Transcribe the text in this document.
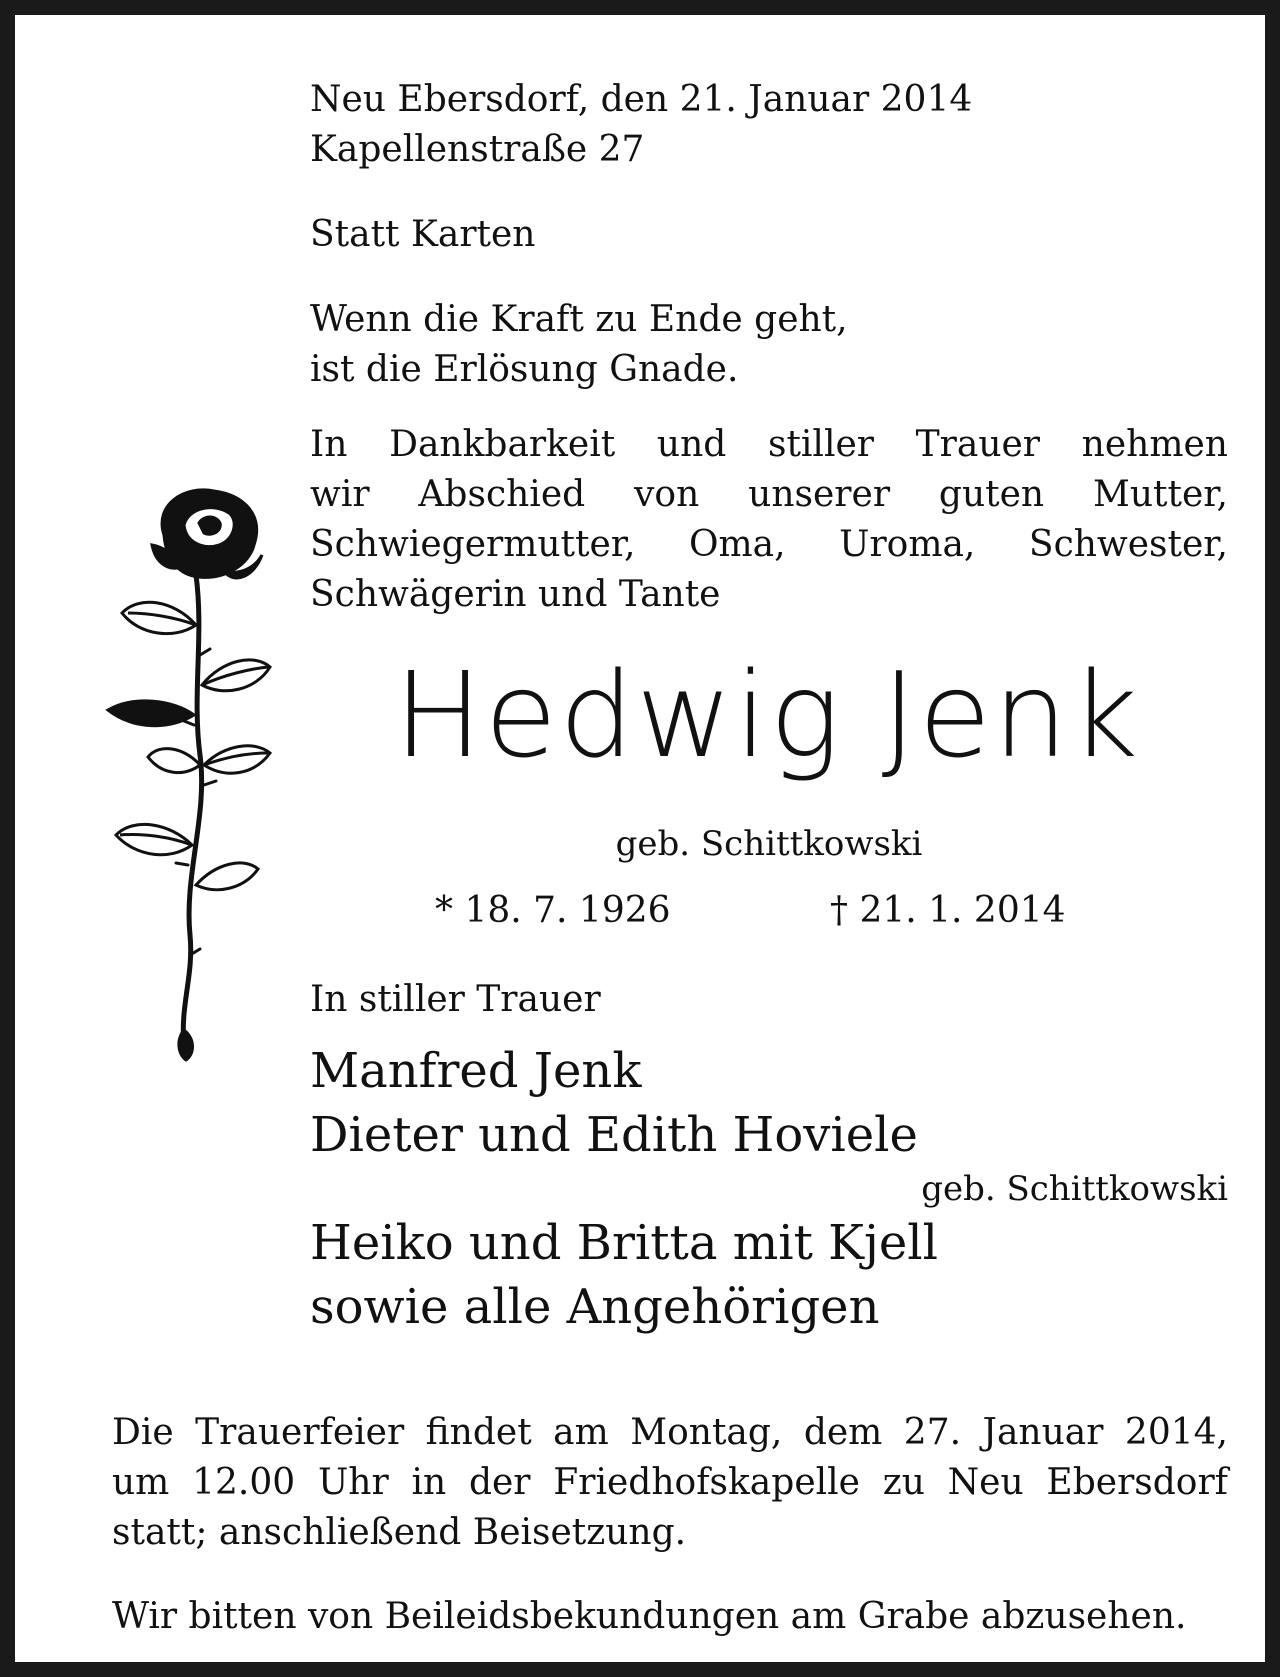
Neu Ebersdorf, den 21. Januar 2014

Kapellenstraße 27

Statt Karten

Wenn die Kraft zu Ende geht,

ist die Erlösung Gnade.

In Dankbarkeit und stiller Trauer nehmen

wir Abschied von unserer guten Mutter,

Schwiegermutter, Oma, Uroma, Schwester,

Schwägerin und Tante

Hedwig Jenk

geb. Schittkowski

* 18. 7. 1926	† 21. 1. 2014

In stiller Trauer

Manfred Jenk

Dieter und Edith Hoviele

geb. Schittkowski

Heiko und Britta mit Kjell

sowie alle Angehörigen

Die Trauerfeier findet am Montag, dem 27. Januar 2014,

um 12.00 Uhr in der Friedhofskapelle zu Neu Ebersdorf

statt; anschließend Beisetzung.

Wir bitten von Beileidsbekundungen am Grabe abzusehen.
